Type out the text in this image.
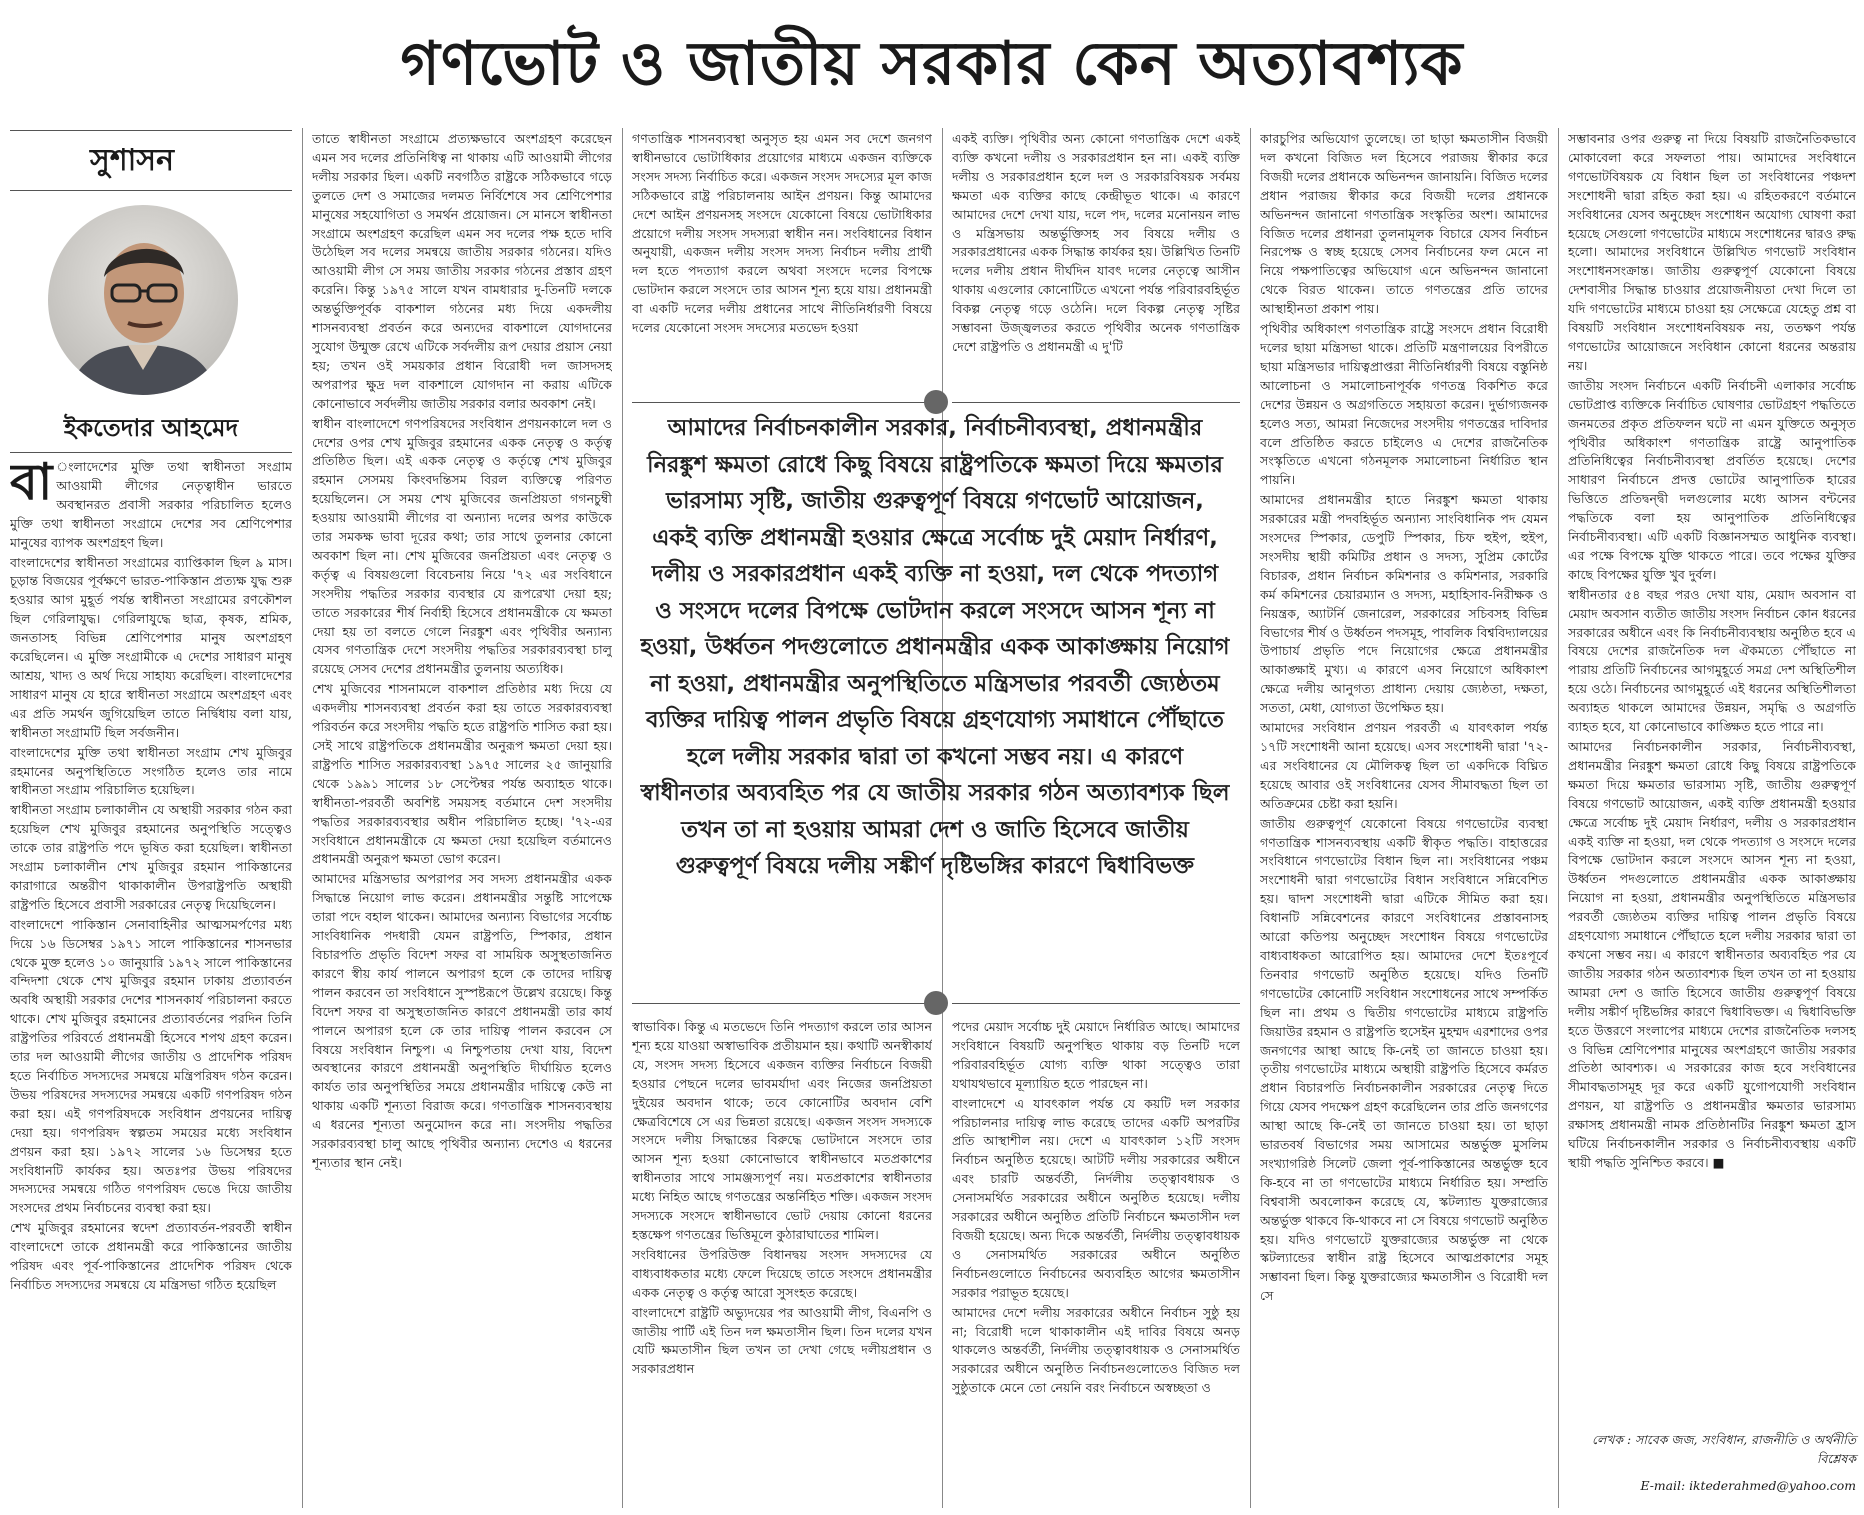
গণভোট ও জাতীয় সরকার কেন অত্যাবশ্যক
সুশাসন
ইকতেদার আহমেদ

বা ংলাদেশের মুক্তি তথা স্বাধীনতা সংগ্রাম আওয়ামী লীগের নেতৃত্বাধীন ভারতে অবস্থানরত প্রবাসী সরকার পরিচালিত হলেও মুক্তি তথা স্বাধীনতা সংগ্রামে দেশের সব শ্রেণিপেশার মানুষের ব্যাপক অংশগ্রহণ ছিল।

বাংলাদেশের স্বাধীনতা সংগ্রামের ব্যাপ্তিকাল ছিল ৯ মাস। চূড়ান্ত বিজয়ের পূর্বক্ষণে ভারত-পাকিস্তান প্রত্যক্ষ যুদ্ধ শুরু হওয়ার আগ মুহূর্ত পর্যন্ত স্বাধীনতা সংগ্রামের রণকৌশল ছিল গেরিলাযুদ্ধ। গেরিলাযুদ্ধে ছাত্র, কৃষক, শ্রমিক, জনতাসহ বিভিন্ন শ্রেণিপেশার মানুষ অংশগ্রহণ করেছিলেন। এ মুক্তি সংগ্রামীকে এ দেশের সাধারণ মানুষ আশ্রয়, খাদ্য ও অর্থ দিয়ে সাহায্য করেছিল। বাংলাদেশের সাধারণ মানুষ যে হারে স্বাধীনতা সংগ্রামে অংশগ্রহণ এবং এর প্রতি সমর্থন জুগিয়েছিল তাতে নির্দ্বিধায় বলা যায়, স্বাধীনতা সংগ্রামটি ছিল সর্বজনীন।

বাংলাদেশের মুক্তি তথা স্বাধীনতা সংগ্রাম শেখ মুজিবুর রহমানের অনুপস্থিতিতে সংগঠিত হলেও তার নামে স্বাধীনতা সংগ্রাম পরিচালিত হয়েছিল।

স্বাধীনতা সংগ্রাম চলাকালীন যে অস্থায়ী সরকার গঠন করা হয়েছিল শেখ মুজিবুর রহমানের অনুপস্থিতি সত্ত্বেও তাকে তার রাষ্ট্রপতি পদে ভূষিত করা হয়েছিল। স্বাধীনতা সংগ্রাম চলাকালীন শেখ মুজিবুর রহমান পাকিস্তানের কারাগারে অন্তরীণ থাকাকালীন উপরাষ্ট্রপতি অস্থায়ী রাষ্ট্রপতি হিসেবে প্রবাসী সরকারের নেতৃত্ব দিয়েছিলেন।

বাংলাদেশে পাকিস্তান সেনাবাহিনীর আত্মসমর্পণের মধ্য দিয়ে ১৬ ডিসেম্বর ১৯৭১ সালে পাকিস্তানের শাসনভার থেকে মুক্ত হলেও ১০ জানুয়ারি ১৯৭২ সালে পাকিস্তানের বন্দিদশা থেকে শেখ মুজিবুর রহমান ঢাকায় প্রত্যাবর্তন অবধি অস্থায়ী সরকার দেশের শাসনকার্য পরিচালনা করতে থাকে। শেখ মুজিবুর রহমানের প্রত্যাবর্তনের পরদিন তিনি রাষ্ট্রপতির পরিবর্তে প্রধানমন্ত্রী হিসেবে শপথ গ্রহণ করেন। তার দল আওয়ামী লীগের জাতীয় ও প্রাদেশিক পরিষদ হতে নির্বাচিত সদস্যদের সমন্বয়ে মন্ত্রিপরিষদ গঠন করেন। উভয় পরিষদের সদস্যদের সমন্বয়ে একটি গণপরিষদ গঠন করা হয়। এই গণপরিষদকে সংবিধান প্রণয়নের দায়িত্ব দেয়া হয়। গণপরিষদ স্বল্পতম সময়ের মধ্যে সংবিধান প্রণয়ন করা হয়। ১৯৭২ সালের ১৬ ডিসেম্বর হতে সংবিধানটি কার্যকর হয়। অতঃপর উভয় পরিষদের সদস্যদের সমন্বয়ে গঠিত গণপরিষদ ভেঙে দিয়ে জাতীয় সংসদের প্রথম নির্বাচনের ব্যবস্থা করা হয়।

শেখ মুজিবুর রহমানের স্বদেশ প্রত্যাবর্তন-পরবর্তী স্বাধীন বাংলাদেশে তাকে প্রধানমন্ত্রী করে পাকিস্তানের জাতীয় পরিষদ এবং পূর্ব-পাকিস্তানের প্রাদেশিক পরিষদ থেকে নির্বাচিত সদস্যদের সমন্বয়ে যে মন্ত্রিসভা গঠিত হয়েছিল

তাতে স্বাধীনতা সংগ্রামে প্রত্যক্ষভাবে অংশগ্রহণ করেছেন এমন সব দলের প্রতিনিধিত্ব না থাকায় এটি আওয়ামী লীগের দলীয় সরকার ছিল। একটি নবগঠিত রাষ্ট্রকে সঠিকভাবে গড়ে তুলতে দেশ ও সমাজের দলমত নির্বিশেষে সব শ্রেণিপেশার মানুষের সহযোগিতা ও সমর্থন প্রয়োজন। সে মানসে স্বাধীনতা সংগ্রামে অংশগ্রহণ করেছিল এমন সব দলের পক্ষ হতে দাবি উঠেছিল সব দলের সমন্বয়ে জাতীয় সরকার গঠনের। যদিও আওয়ামী লীগ সে সময় জাতীয় সরকার গঠনের প্রস্তাব গ্রহণ করেনি। কিন্তু ১৯৭৫ সালে যখন বামধারার দু-তিনটি দলকে অন্তর্ভুক্তিপূর্বক বাকশাল গঠনের মধ্য দিয়ে একদলীয় শাসনব্যবস্থা প্রবর্তন করে অন্যদের বাকশালে যোগদানের সুযোগ উন্মুক্ত রেখে এটিকে সর্বদলীয় রূপ দেয়ার প্রয়াস নেয়া হয়; তখন ওই সময়কার প্রধান বিরোধী দল জাসদসহ অপরাপর ক্ষুদ্র দল বাকশালে যোগদান না করায় এটিকে কোনোভাবে সর্বদলীয় জাতীয় সরকার বলার অবকাশ নেই।

স্বাধীন বাংলাদেশে গণপরিষদের সংবিধান প্রণয়নকালে দল ও দেশের ওপর শেখ মুজিবুর রহমানের একক নেতৃত্ব ও কর্তৃত্ব প্রতিষ্ঠিত ছিল। এই একক নেতৃত্ব ও কর্তৃত্বে শেখ মুজিবুর রহমান সেসময় কিংবদন্তিসম বিরল ব্যক্তিত্বে পরিণত হয়েছিলেন। সে সময় শেখ মুজিবের জনপ্রিয়তা গগনচুম্বী হওয়ায় আওয়ামী লীগের বা অন্যান্য দলের অপর কাউকে তার সমকক্ষ ভাবা দূরের কথা; তার সাথে তুলনার কোনো অবকাশ ছিল না। শেখ মুজিবের জনপ্রিয়তা এবং নেতৃত্ব ও কর্তৃত্ব এ বিষয়গুলো বিবেচনায় নিয়ে '৭২ এর সংবিধানে সংসদীয় পদ্ধতির সরকার ব্যবস্থার যে রূপরেখা দেয়া হয়; তাতে সরকারের শীর্ষ নির্বাহী হিসেবে প্রধানমন্ত্রীকে যে ক্ষমতা দেয়া হয় তা বলতে গেলে নিরঙ্কুশ এবং পৃথিবীর অন্যান্য যেসব গণতান্ত্রিক দেশে সংসদীয় পদ্ধতির সরকারব্যবস্থা চালু রয়েছে সেসব দেশের প্রধানমন্ত্রীর তুলনায় অত্যধিক।

শেখ মুজিবের শাসনামলে বাকশাল প্রতিষ্ঠার মধ্য দিয়ে যে একদলীয় শাসনব্যবস্থা প্রবর্তন করা হয় তাতে সরকারব্যবস্থা পরিবর্তন করে সংসদীয় পদ্ধতি হতে রাষ্ট্রপতি শাসিত করা হয়। সেই সাথে রাষ্ট্রপতিকে প্রধানমন্ত্রীর অনুরূপ ক্ষমতা দেয়া হয়। রাষ্ট্রপতি শাসিত সরকারব্যবস্থা ১৯৭৫ সালের ২৫ জানুয়ারি থেকে ১৯৯১ সালের ১৮ সেপ্টেম্বর পর্যন্ত অব্যাহত থাকে। স্বাধীনতা-পরবর্তী অবশিষ্ট সময়সহ বর্তমানে দেশ সংসদীয় পদ্ধতির সরকারব্যবস্থার অধীন পরিচালিত হচ্ছে। '৭২-এর সংবিধানে প্রধানমন্ত্রীকে যে ক্ষমতা দেয়া হয়েছিল বর্তমানেও প্রধানমন্ত্রী অনুরূপ ক্ষমতা ভোগ করেন।

আমাদের মন্ত্রিসভার অপরাপর সব সদস্য প্রধানমন্ত্রীর একক সিদ্ধান্তে নিয়োগ লাভ করেন। প্রধানমন্ত্রীর সন্তুষ্টি সাপেক্ষে তারা পদে বহাল থাকেন। আমাদের অন্যান্য বিভাগের সর্বোচ্চ সাংবিধানিক পদধারী যেমন রাষ্ট্রপতি, স্পিকার, প্রধান বিচারপতি প্রভৃতি বিদেশ সফর বা সাময়িক অসুস্থতাজনিত কারণে স্বীয় কার্য পালনে অপারগ হলে কে তাদের দায়িত্ব পালন করবেন তা সংবিধানে সুস্পষ্টরূপে উল্লেখ রয়েছে। কিন্তু বিদেশ সফর বা অসুস্থতাজনিত কারণে প্রধানমন্ত্রী তার কার্য পালনে অপারগ হলে কে তার দায়িত্ব পালন করবেন সে বিষয়ে সংবিধান নিশ্চুপ। এ নিশ্চুপতায় দেখা যায়, বিদেশ অবস্থানের কারণে প্রধানমন্ত্রী অনুপস্থিতি দীর্ঘায়িত হলেও কার্যত তার অনুপস্থিতির সময়ে প্রধানমন্ত্রীর দায়িত্বে কেউ না থাকায় একটি শূন্যতা বিরাজ করে। গণতান্ত্রিক শাসনব্যবস্থায় এ ধরনের শূন্যতা অনুমোদন করে না। সংসদীয় পদ্ধতির সরকারব্যবস্থা চালু আছে পৃথিবীর অন্যান্য দেশেও এ ধরনের শূন্যতার স্থান নেই।

গণতান্ত্রিক শাসনব্যবস্থা অনুসৃত হয় এমন সব দেশে জনগণ স্বাধীনভাবে ভোটাধিকার প্রয়োগের মাধ্যমে একজন ব্যক্তিকে সংসদ সদস্য নির্বাচিত করে। একজন সংসদ সদস্যের মূল কাজ সঠিকভাবে রাষ্ট্র পরিচালনায় আইন প্রণয়ন। কিন্তু আমাদের দেশে আইন প্রণয়নসহ সংসদে যেকোনো বিষয়ে ভোটাধিকার প্রয়োগে দলীয় সংসদ সদস্যরা স্বাধীন নন। সংবিধানের বিধান অনুযায়ী, একজন দলীয় সংসদ সদস্য নির্বাচন দলীয় প্রার্থী দল হতে পদত্যাগ করলে অথবা সংসদে দলের বিপক্ষে ভোটদান করলে সংসদে তার আসন শূন্য হয়ে যায়। প্রধানমন্ত্রী বা একটি দলের দলীয় প্রধানের সাথে নীতিনির্ধারণী বিষয়ে দলের যেকোনো সংসদ সদস্যের মতভেদ হওয়া

একই ব্যক্তি। পৃথিবীর অন্য কোনো গণতান্ত্রিক দেশে একই ব্যক্তি কখনো দলীয় ও সরকারপ্রধান হন না। একই ব্যক্তি দলীয় ও সরকারপ্রধান হলে দল ও সরকারবিষয়ক সর্বময় ক্ষমতা এক ব্যক্তির কাছে কেন্দ্রীভূত থাকে। এ কারণে আমাদের দেশে দেখা যায়, দলে পদ, দলের মনোনয়ন লাভ ও মন্ত্রিসভায় অন্তর্ভুক্তিসহ সব বিষয়ে দলীয় ও সরকারপ্রধানের একক সিদ্ধান্ত কার্যকর হয়। উল্লিখিত তিনটি দলের দলীয় প্রধান দীর্ঘদিন যাবৎ দলের নেতৃত্বে আসীন থাকায় এগুলোর কোনোটিতে এখনো পর্যন্ত পরিবারবহির্ভূত বিকল্প নেতৃত্ব গড়ে ওঠেনি। দলে বিকল্প নেতৃত্ব সৃষ্টির সম্ভাবনা উজ্জ্বলতর করতে পৃথিবীর অনেক গণতান্ত্রিক দেশে রাষ্ট্রপতি ও প্রধানমন্ত্রী এ দু'টি

আমাদের নির্বাচনকালীন সরকার, নির্বাচনীব্যবস্থা, প্রধানমন্ত্রীর নিরঙ্কুশ ক্ষমতা রোধে কিছু বিষয়ে রাষ্ট্রপতিকে ক্ষমতা দিয়ে ক্ষমতার ভারসাম্য সৃষ্টি, জাতীয় গুরুত্বপূর্ণ বিষয়ে গণভোট আয়োজন, একই ব্যক্তি প্রধানমন্ত্রী হওয়ার ক্ষেত্রে সর্বোচ্চ দুই মেয়াদ নির্ধারণ, দলীয় ও সরকারপ্রধান একই ব্যক্তি না হওয়া, দল থেকে পদত্যাগ ও সংসদে দলের বিপক্ষে ভোটদান করলে সংসদে আসন শূন্য না হওয়া, উর্ধ্বতন পদগুলোতে প্রধানমন্ত্রীর একক আকাঙ্ক্ষায় নিয়োগ না হওয়া, প্রধানমন্ত্রীর অনুপস্থিতিতে মন্ত্রিসভার পরবর্তী জ্যেষ্ঠতম ব্যক্তির দায়িত্ব পালন প্রভৃতি বিষয়ে গ্রহণযোগ্য সমাধানে পৌঁছাতে হলে দলীয় সরকার দ্বারা তা কখনো সম্ভব নয়। এ কারণে স্বাধীনতার অব্যবহিত পর যে জাতীয় সরকার গঠন অত্যাবশ্যক ছিল তখন তা না হওয়ায় আমরা দেশ ও জাতি হিসেবে জাতীয় গুরুত্বপূর্ণ বিষয়ে দলীয় সঙ্কীর্ণ দৃষ্টিভঙ্গির কারণে দ্বিধাবিভক্ত

স্বাভাবিক। কিন্তু এ মতভেদে তিনি পদত্যাগ করলে তার আসন শূন্য হয়ে যাওয়া অস্বাভাবিক প্রতীয়মান হয়। কথাটি অনস্বীকার্য যে, সংসদ সদস্য হিসেবে একজন ব্যক্তির নির্বাচনে বিজয়ী হওয়ার পেছনে দলের ভাবমর্যাদা এবং নিজের জনপ্রিয়তা দুইয়ের অবদান থাকে; তবে কোনোটির অবদান বেশি ক্ষেত্রবিশেষে সে এর ভিন্নতা রয়েছে। একজন সংসদ সদস্যকে সংসদে দলীয় সিদ্ধান্তের বিরুদ্ধে ভোটদানে সংসদে তার আসন শূন্য হওয়া কোনোভাবে স্বাধীনভাবে মতপ্রকাশের স্বাধীনতার সাথে সামঞ্জস্যপূর্ণ নয়। মতপ্রকাশের স্বাধীনতার মধ্যে নিহিত আছে গণতন্ত্রের অন্তর্নিহিত শক্তি। একজন সংসদ সদস্যকে সংসদে স্বাধীনভাবে ভোট দেয়ায় কোনো ধরনের হস্তক্ষেপ গণতন্ত্রের ভিত্তিমূলে কুঠারাঘাতের শামিল।

সংবিধানের উপরিউক্ত বিধানদ্বয় সংসদ সদস্যদের যে বাধ্যবাধকতার মধ্যে ফেলে দিয়েছে তাতে সংসদে প্রধানমন্ত্রীর একক নেতৃত্ব ও কর্তৃত্ব আরো সুসংহত করেছে।

বাংলাদেশে রাষ্ট্রটি অভ্যুদয়ের পর আওয়ামী লীগ, বিএনপি ও জাতীয় পার্টি এই তিন দল ক্ষমতাসীন ছিল। তিন দলের যখন যেটি ক্ষমতাসীন ছিল তখন তা দেখা গেছে দলীয়প্রধান ও সরকারপ্রধান

পদের মেয়াদ সর্বোচ্চ দুই মেয়াদে নির্ধারিত আছে। আমাদের সংবিধানে বিষয়টি অনুপস্থিত থাকায় বড় তিনটি দলে পরিবারবহির্ভূত যোগ্য ব্যক্তি থাকা সত্ত্বেও তারা যথাযথভাবে মূল্যায়িত হতে পারছেন না।

বাংলাদেশে এ যাবৎকাল পর্যন্ত যে কয়টি দল সরকার পরিচালনার দায়িত্ব লাভ করেছে তাদের একটি অপরটির প্রতি আস্থাশীল নয়। দেশে এ যাবৎকাল ১২টি সংসদ নির্বাচন অনুষ্ঠিত হয়েছে। আটটি দলীয় সরকারের অধীনে এবং চারটি অন্তর্বর্তী, নির্দলীয় তত্ত্বাবধায়ক ও সেনাসমর্থিত সরকারের অধীনে অনুষ্ঠিত হয়েছে। দলীয় সরকারের অধীনে অনুষ্ঠিত প্রতিটি নির্বাচনে ক্ষমতাসীন দল বিজয়ী হয়েছে। অন্য দিকে অন্তর্বর্তী, নির্দলীয় তত্ত্বাবধায়ক ও সেনাসমর্থিত সরকারের অধীনে অনুষ্ঠিত নির্বাচনগুলোতে নির্বাচনের অব্যবহিত আগের ক্ষমতাসীন সরকার পরাভূত হয়েছে।

আমাদের দেশে দলীয় সরকারের অধীনে নির্বাচন সুষ্ঠু হয় না; বিরোধী দলে থাকাকালীন এই দাবির বিষয়ে অনড় থাকলেও অন্তর্বর্তী, নির্দলীয় তত্ত্বাবধায়ক ও সেনাসমর্থিত সরকারের অধীনে অনুষ্ঠিত নির্বাচনগুলোতেও বিজিত দল সুষ্ঠুতাকে মেনে তো নেয়নি বরং নির্বাচনে অস্বচ্ছতা ও

কারচুপির অভিযোগ তুলেছে। তা ছাড়া ক্ষমতাসীন বিজয়ী দল কখনো বিজিত দল হিসেবে পরাজয় স্বীকার করে বিজয়ী দলের প্রধানকে অভিনন্দন জানায়নি। বিজিত দলের প্রধান পরাজয় স্বীকার করে বিজয়ী দলের প্রধানকে অভিনন্দন জানানো গণতান্ত্রিক সংস্কৃতির অংশ। আমাদের বিজিত দলের প্রধানরা তুলনামূলক বিচারে যেসব নির্বাচন নিরপেক্ষ ও স্বচ্ছ হয়েছে সেসব নির্বাচনের ফল মেনে না নিয়ে পক্ষপাতিত্বের অভিযোগ এনে অভিনন্দন জানানো থেকে বিরত থাকেন। তাতে গণতন্ত্রের প্রতি তাদের আস্থাহীনতা প্রকাশ পায়।

পৃথিবীর অধিকাংশ গণতান্ত্রিক রাষ্ট্রে সংসদে প্রধান বিরোধী দলের ছায়া মন্ত্রিসভা থাকে। প্রতিটি মন্ত্রণালয়ের বিপরীতে ছায়া মন্ত্রিসভার দায়িত্বপ্রাপ্তরা নীতিনির্ধারণী বিষয়ে বস্তুনিষ্ঠ আলোচনা ও সমালোচনাপূর্বক গণতন্ত্র বিকশিত করে দেশের উন্নয়ন ও অগ্রগতিতে সহায়তা করেন। দুর্ভাগ্যজনক হলেও সত্য, আমরা নিজেদের সংসদীয় গণতন্ত্রের দাবিদার বলে প্রতিষ্ঠিত করতে চাইলেও এ দেশের রাজনৈতিক সংস্কৃতিতে এখনো গঠনমূলক সমালোচনা নির্ধারিত স্থান পায়নি।

আমাদের প্রধানমন্ত্রীর হাতে নিরঙ্কুশ ক্ষমতা থাকায় সরকারের মন্ত্রী পদবহির্ভূত অন্যান্য সাংবিধানিক পদ যেমন সংসদের স্পিকার, ডেপুটি স্পিকার, চিফ হুইপ, হুইপ, সংসদীয় স্থায়ী কমিটির প্রধান ও সদস্য, সুপ্রিম কোর্টের বিচারক, প্রধান নির্বাচন কমিশনার ও কমিশনার, সরকারি কর্ম কমিশনের চেয়ারম্যান ও সদস্য, মহাহিসাব-নিরীক্ষক ও নিয়ন্ত্রক, অ্যাটর্নি জেনারেল, সরকারের সচিবসহ বিভিন্ন বিভাগের শীর্ষ ও উর্ধ্বতন পদসমূহ, পাবলিক বিশ্ববিদ্যালয়ের উপাচার্য প্রভৃতি পদে নিয়োগের ক্ষেত্রে প্রধানমন্ত্রীর আকাঙ্ক্ষাই মুখ্য। এ কারণে এসব নিয়োগে অধিকাংশ ক্ষেত্রে দলীয় আনুগত্য প্রাধান্য দেয়ায় জ্যেষ্ঠতা, দক্ষতা, সততা, মেধা, যোগ্যতা উপেক্ষিত হয়।

আমাদের সংবিধান প্রণয়ন পরবর্তী এ যাবৎকাল পর্যন্ত ১৭টি সংশোধনী আনা হয়েছে। এসব সংশোধনী দ্বারা '৭২-এর সংবিধানের যে মৌলিকত্ব ছিল তা একদিকে বিঘ্নিত হয়েছে আবার ওই সংবিধানের যেসব সীমাবদ্ধতা ছিল তা অতিক্রমের চেষ্টা করা হয়নি।

জাতীয় গুরুত্বপূর্ণ যেকোনো বিষয়ে গণভোটের ব্যবস্থা গণতান্ত্রিক শাসনব্যবস্থায় একটি স্বীকৃত পদ্ধতি। বাহাত্তরের সংবিধানে গণভোটের বিধান ছিল না। সংবিধানের পঞ্চম সংশোধনী দ্বারা গণভোটের বিধান সংবিধানে সন্নিবেশিত হয়। দ্বাদশ সংশোধনী দ্বারা এটিকে সীমিত করা হয়। বিধানটি সন্নিবেশনের কারণে সংবিধানের প্রস্তাবনাসহ আরো কতিপয় অনুচ্ছেদ সংশোধন বিষয়ে গণভোটের বাধ্যবাধকতা আরোপিত হয়। আমাদের দেশে ইতঃপূর্বে তিনবার গণভোট অনুষ্ঠিত হয়েছে। যদিও তিনটি গণভোটের কোনোটি সংবিধান সংশোধনের সাথে সম্পর্কিত ছিল না। প্রথম ও দ্বিতীয় গণভোটের মাধ্যমে রাষ্ট্রপতি জিয়াউর রহমান ও রাষ্ট্রপতি হুসেইন মুহম্মদ এরশাদের ওপর জনগণের আস্থা আছে কি-নেই তা জানতে চাওয়া হয়। তৃতীয় গণভোটের মাধ্যমে অস্থায়ী রাষ্ট্রপতি হিসেবে কর্মরত প্রধান বিচারপতি নির্বাচনকালীন সরকারের নেতৃত্ব দিতে গিয়ে যেসব পদক্ষেপ গ্রহণ করেছিলেন তার প্রতি জনগণের আস্থা আছে কি-নেই তা জানতে চাওয়া হয়। তা ছাড়া ভারতবর্ষ বিভাগের সময় আসামের অন্তর্ভুক্ত মুসলিম সংখ্যাগরিষ্ঠ সিলেট জেলা পূর্ব-পাকিস্তানের অন্তর্ভুক্ত হবে কি-হবে না তা গণভোটের মাধ্যমে নির্ধারিত হয়। সম্প্রতি বিশ্ববাসী অবলোকন করেছে যে, স্কটল্যান্ড যুক্তরাজ্যের অন্তর্ভুক্ত থাকবে কি-থাকবে না সে বিষয়ে গণভোট অনুষ্ঠিত হয়। যদিও গণভোটে যুক্তরাজ্যের অন্তর্ভুক্ত না থেকে স্কটল্যান্ডের স্বাধীন রাষ্ট্র হিসেবে আত্মপ্রকাশের সমূহ সম্ভাবনা ছিল। কিন্তু যুক্তরাজ্যের ক্ষমতাসীন ও বিরোধী দল সে

সম্ভাবনার ওপর গুরুত্ব না দিয়ে বিষয়টি রাজনৈতিকভাবে মোকাবেলা করে সফলতা পায়। আমাদের সংবিধানে গণভোটবিষয়ক যে বিধান ছিল তা সংবিধানের পঞ্চদশ সংশোধনী দ্বারা রহিত করা হয়। এ রহিতকরণে বর্তমানে সংবিধানের যেসব অনুচ্ছেদ সংশোধন অযোগ্য ঘোষণা করা হয়েছে সেগুলো গণভোটের মাধ্যমে সংশোধনের দ্বারও রুদ্ধ হলো। আমাদের সংবিধানে উল্লিখিত গণভোট সংবিধান সংশোধনসংক্রান্ত। জাতীয় গুরুত্বপূর্ণ যেকোনো বিষয়ে দেশবাসীর সিদ্ধান্ত চাওয়ার প্রয়োজনীয়তা দেখা দিলে তা যদি গণভোটের মাধ্যমে চাওয়া হয় সেক্ষেত্রে যেহেতু প্রশ্ন বা বিষয়টি সংবিধান সংশোধনবিষয়ক নয়, ততক্ষণ পর্যন্ত গণভোটের আয়োজনে সংবিধান কোনো ধরনের অন্তরায় নয়।

জাতীয় সংসদ নির্বাচনে একটি নির্বাচনী এলাকার সর্বোচ্চ ভোটপ্রাপ্ত ব্যক্তিকে নির্বাচিত ঘোষণার ভোটগ্রহণ পদ্ধতিতে জনমতের প্রকৃত প্রতিফলন ঘটে না এমন যুক্তিতে অনুসৃত পৃথিবীর অধিকাংশ গণতান্ত্রিক রাষ্ট্রে আনুপাতিক প্রতিনিধিত্বের নির্বাচনীব্যবস্থা প্রবর্তিত হয়েছে। দেশের সাধারণ নির্বাচনে প্রদত্ত ভোটের আনুপাতিক হারের ভিত্তিতে প্রতিদ্বন্দ্বী দলগুলোর মধ্যে আসন বন্টনের পদ্ধতিকে বলা হয় আনুপাতিক প্রতিনিধিত্বের নির্বাচনীব্যবস্থা। এটি একটি বিজ্ঞানসম্মত আধুনিক ব্যবস্থা। এর পক্ষে বিপক্ষে যুক্তি থাকতে পারে। তবে পক্ষের যুক্তির কাছে বিপক্ষের যুক্তি খুব দুর্বল।

স্বাধীনতার ৫৪ বছর পরও দেখা যায়, মেয়াদ অবসান বা মেয়াদ অবসান ব্যতীত জাতীয় সংসদ নির্বাচন কোন ধরনের সরকারের অধীনে এবং কি নির্বাচনীব্যবস্থায় অনুষ্ঠিত হবে এ বিষয়ে দেশের রাজনৈতিক দল ঐকমত্যে পৌঁছাতে না পারায় প্রতিটি নির্বাচনের আগমুহূর্তে সমগ্র দেশ অস্থিতিশীল হয়ে ওঠে। নির্বাচনের আগমুহূর্তে এই ধরনের অস্থিতিশীলতা অব্যাহত থাকলে আমাদের উন্নয়ন, সমৃদ্ধি ও অগ্রগতি ব্যাহত হবে, যা কোনোভাবে কাঙ্ক্ষিত হতে পারে না।

আমাদের নির্বাচনকালীন সরকার, নির্বাচনীব্যবস্থা, প্রধানমন্ত্রীর নিরঙ্কুশ ক্ষমতা রোধে কিছু বিষয়ে রাষ্ট্রপতিকে ক্ষমতা দিয়ে ক্ষমতার ভারসাম্য সৃষ্টি, জাতীয় গুরুত্বপূর্ণ বিষয়ে গণভোট আয়োজন, একই ব্যক্তি প্রধানমন্ত্রী হওয়ার ক্ষেত্রে সর্বোচ্চ দুই মেয়াদ নির্ধারণ, দলীয় ও সরকারপ্রধান একই ব্যক্তি না হওয়া, দল থেকে পদত্যাগ ও সংসদে দলের বিপক্ষে ভোটদান করলে সংসদে আসন শূন্য না হওয়া, উর্ধ্বতন পদগুলোতে প্রধানমন্ত্রীর একক আকাঙ্ক্ষায় নিয়োগ না হওয়া, প্রধানমন্ত্রীর অনুপস্থিতিতে মন্ত্রিসভার পরবর্তী জ্যেষ্ঠতম ব্যক্তির দায়িত্ব পালন প্রভৃতি বিষয়ে গ্রহণযোগ্য সমাধানে পৌঁছাতে হলে দলীয় সরকার দ্বারা তা কখনো সম্ভব নয়। এ কারণে স্বাধীনতার অব্যবহিত পর যে জাতীয় সরকার গঠন অত্যাবশ্যক ছিল তখন তা না হওয়ায় আমরা দেশ ও জাতি হিসেবে জাতীয় গুরুত্বপূর্ণ বিষয়ে দলীয় সঙ্কীর্ণ দৃষ্টিভঙ্গির কারণে দ্বিধাবিভক্ত। এ দ্বিধাবিভক্তি হতে উত্তরণে সংলাপের মাধ্যমে দেশের রাজনৈতিক দলসহ ও বিভিন্ন শ্রেণিপেশার মানুষের অংশগ্রহণে জাতীয় সরকার প্রতিষ্ঠা আবশ্যক। এ সরকারের কাজ হবে সংবিধানের সীমাবদ্ধতাসমূহ দূর করে একটি যুগোপযোগী সংবিধান প্রণয়ন, যা রাষ্ট্রপতি ও প্রধানমন্ত্রীর ক্ষমতার ভারসাম্য রক্ষাসহ প্রধানমন্ত্রী নামক প্রতিষ্ঠানটির নিরঙ্কুশ ক্ষমতা হ্রাস ঘটিয়ে নির্বাচনকালীন সরকার ও নির্বাচনীব্যবস্থায় একটি স্থায়ী পদ্ধতি সুনিশ্চিত করবে। ■

লেখক : সাবেক জজ, সংবিধান, রাজনীতি ও অর্থনীতি বিশ্লেষক
E-mail: iktederahmed@yahoo.com
